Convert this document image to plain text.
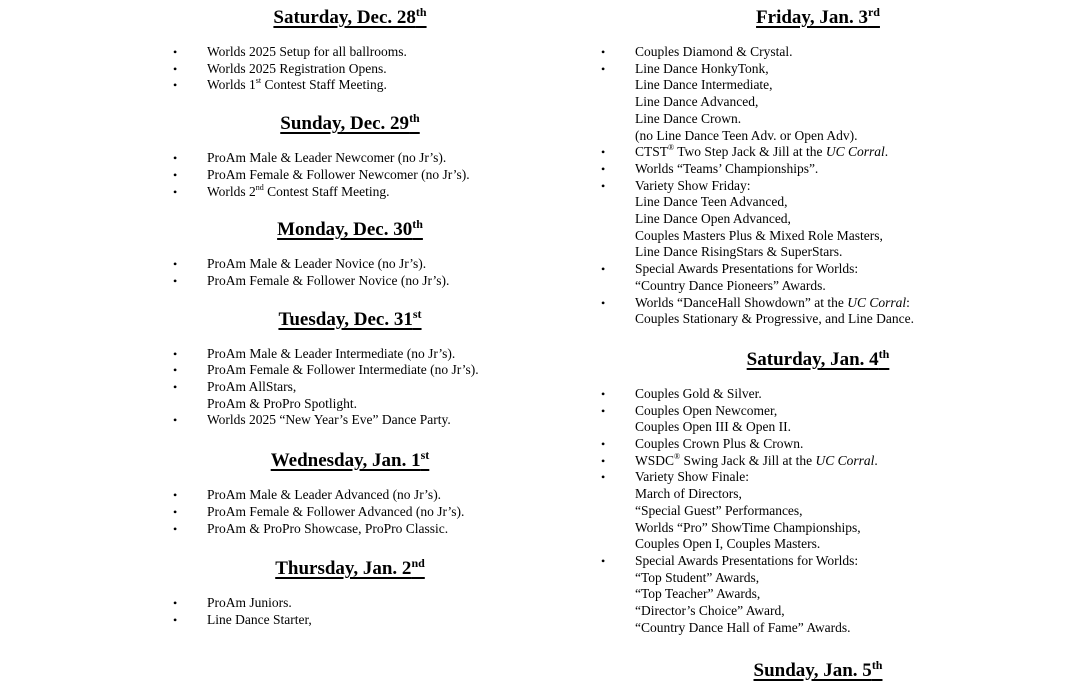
Saturday, Dec. 28th
• Worlds 2025 Setup for all ballrooms.
• Worlds 2025 Registration Opens.
• Worlds 1st Contest Staff Meeting.
Sunday, Dec. 29th
• ProAm Male & Leader Newcomer (no Jr’s).
• ProAm Female & Follower Newcomer (no Jr’s).
• Worlds 2nd Contest Staff Meeting.
Monday, Dec. 30th
• ProAm Male & Leader Novice (no Jr’s).
• ProAm Female & Follower Novice (no Jr’s).
Tuesday, Dec. 31st
• ProAm Male & Leader Intermediate (no Jr’s).
• ProAm Female & Follower Intermediate (no Jr’s).
• ProAm AllStars,
ProAm & ProPro Spotlight.
• Worlds 2025 “New Year’s Eve” Dance Party.
Wednesday, Jan. 1st
• ProAm Male & Leader Advanced (no Jr’s).
• ProAm Female & Follower Advanced (no Jr’s).
• ProAm & ProPro Showcase, ProPro Classic.
Thursday, Jan. 2nd
• ProAm Juniors.
• Line Dance Starter,
Friday, Jan. 3rd
• Couples Diamond & Crystal.
• Line Dance HonkyTonk,
Line Dance Intermediate,
Line Dance Advanced,
Line Dance Crown.
(no Line Dance Teen Adv. or Open Adv).
• CTST® Two Step Jack & Jill at the UC Corral.
• Worlds “Teams’ Championships”.
• Variety Show Friday:
Line Dance Teen Advanced,
Line Dance Open Advanced,
Couples Masters Plus & Mixed Role Masters,
Line Dance RisingStars & SuperStars.
• Special Awards Presentations for Worlds:
“Country Dance Pioneers” Awards.
• Worlds “DanceHall Showdown” at the UC Corral:
Couples Stationary & Progressive, and Line Dance.
Saturday, Jan. 4th
• Couples Gold & Silver.
• Couples Open Newcomer,
Couples Open III & Open II.
• Couples Crown Plus & Crown.
• WSDC® Swing Jack & Jill at the UC Corral.
• Variety Show Finale:
March of Directors,
“Special Guest” Performances,
Worlds “Pro” ShowTime Championships,
Couples Open I, Couples Masters.
• Special Awards Presentations for Worlds:
“Top Student” Awards,
“Top Teacher” Awards,
“Director’s Choice” Award,
“Country Dance Hall of Fame” Awards.
Sunday, Jan. 5th
